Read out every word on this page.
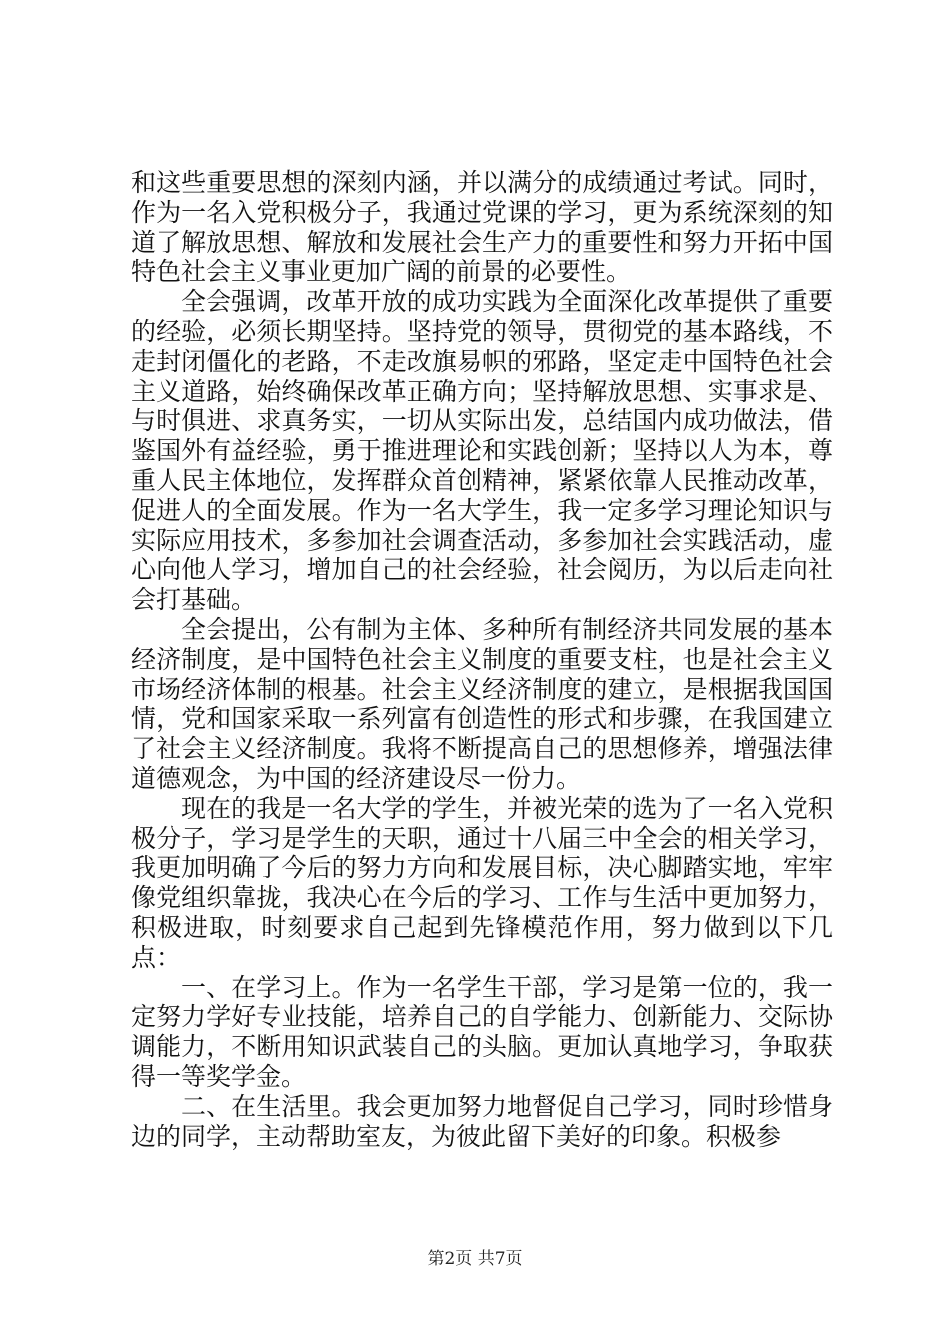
和这些重要思想的深刻内涵，并以满分的成绩通过考试。同时，作为一名入党积极分子，我通过党课的学习，更为系统深刻的知道了解放思想、解放和发展社会生产力的重要性和努力开拓中国特色社会主义事业更加广阔的前景的必要性。

全会强调，改革开放的成功实践为全面深化改革提供了重要的经验，必须长期坚持。坚持党的领导，贯彻党的基本路线，不走封闭僵化的老路，不走改旗易帜的邪路，坚定走中国特色社会主义道路，始终确保改革正确方向；坚持解放思想、实事求是、与时俱进、求真务实，一切从实际出发，总结国内成功做法，借鉴国外有益经验，勇于推进理论和实践创新；坚持以人为本，尊重人民主体地位，发挥群众首创精神，紧紧依靠人民推动改革，促进人的全面发展。作为一名大学生，我一定多学习理论知识与实际应用技术，多参加社会调查活动，多参加社会实践活动，虚心向他人学习，增加自己的社会经验，社会阅历，为以后走向社会打基础。

全会提出，公有制为主体、多种所有制经济共同发展的基本经济制度，是中国特色社会主义制度的重要支柱，也是社会主义市场经济体制的根基。社会主义经济制度的建立，是根据我国国情，党和国家采取一系列富有创造性的形式和步骤，在我国建立了社会主义经济制度。我将不断提高自己的思想修养，增强法律道德观念，为中国的经济建设尽一份力。

现在的我是一名大学的学生，并被光荣的选为了一名入党积极分子，学习是学生的天职，通过十八届三中全会的相关学习，我更加明确了今后的努力方向和发展目标，决心脚踏实地，牢牢像党组织靠拢，我决心在今后的学习、工作与生活中更加努力，积极进取，时刻要求自己起到先锋模范作用，努力做到以下几点：

一、在学习上。作为一名学生干部，学习是第一位的，我一定努力学好专业技能，培养自己的自学能力、创新能力、交际协调能力，不断用知识武装自己的头脑。更加认真地学习，争取获得一等奖学金。

二、在生活里。我会更加努力地督促自己学习，同时珍惜身边的同学，主动帮助室友，为彼此留下美好的印象。积极参

第2页 共7页
